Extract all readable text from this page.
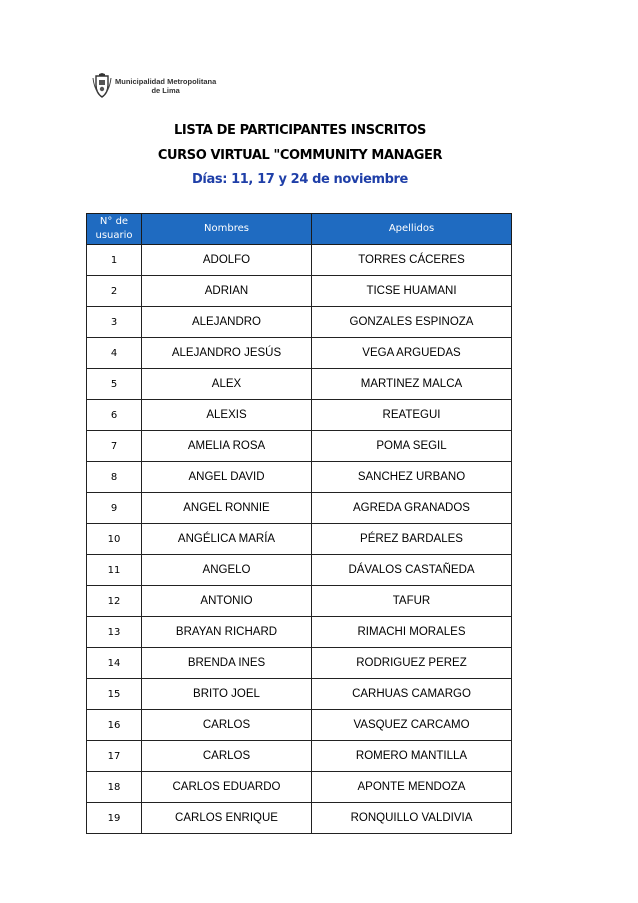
Municipalidad Metropolitana
de Lima
LISTA DE PARTICIPANTES INSCRITOS
CURSO VIRTUAL "COMMUNITY MANAGER
Días: 11, 17 y 24 de noviembre
N° de usuario	Nombres	Apellidos
1	ADOLFO	TORRES CÁCERES
2	ADRIAN	TICSE HUAMANI
3	ALEJANDRO	GONZALES ESPINOZA
4	ALEJANDRO JESÚS	VEGA ARGUEDAS
5	ALEX	MARTINEZ MALCA
6	ALEXIS	REATEGUI
7	AMELIA ROSA	POMA SEGIL
8	ANGEL DAVID	SANCHEZ URBANO
9	ANGEL RONNIE	AGREDA GRANADOS
10	ANGÉLICA MARÍA	PÉREZ BARDALES
11	ANGELO	DÁVALOS CASTAÑEDA
12	ANTONIO	TAFUR
13	BRAYAN RICHARD	RIMACHI MORALES
14	BRENDA INES	RODRIGUEZ PEREZ
15	BRITO JOEL	CARHUAS CAMARGO
16	CARLOS	VASQUEZ CARCAMO
17	CARLOS	ROMERO MANTILLA
18	CARLOS EDUARDO	APONTE MENDOZA
19	CARLOS ENRIQUE	RONQUILLO VALDIVIA
